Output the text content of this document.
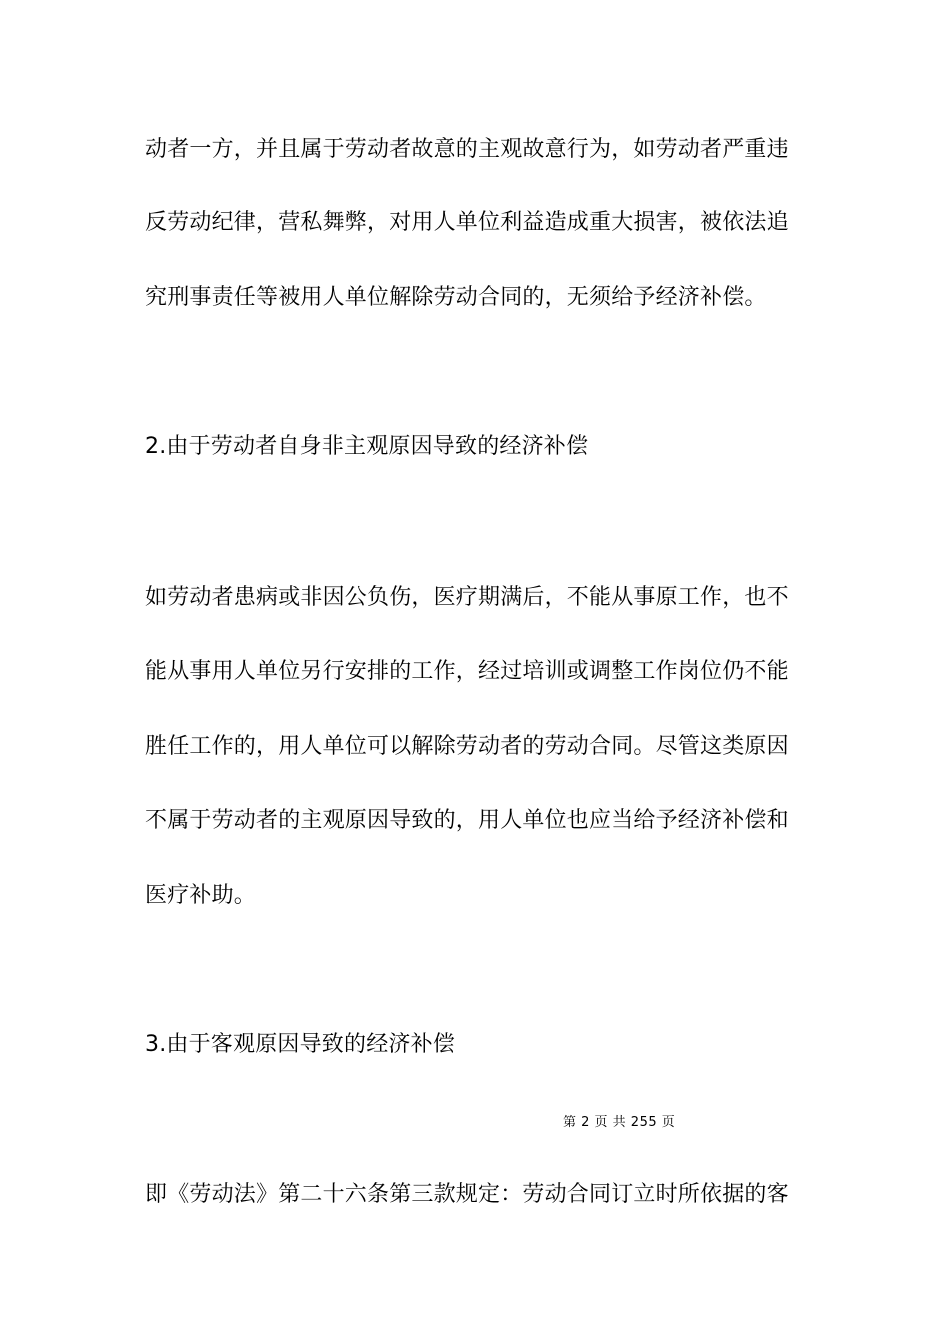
动者一方，并且属于劳动者故意的主观故意行为，如劳动者严重违
反劳动纪律，营私舞弊，对用人单位利益造成重大损害，被依法追
究刑事责任等被用人单位解除劳动合同的，无须给予经济补偿。
2.由于劳动者自身非主观原因导致的经济补偿
如劳动者患病或非因公负伤，医疗期满后，不能从事原工作，也不
能从事用人单位另行安排的工作，经过培训或调整工作岗位仍不能
胜任工作的，用人单位可以解除劳动者的劳动合同。尽管这类原因
不属于劳动者的主观原因导致的，用人单位也应当给予经济补偿和
医疗补助。
3.由于客观原因导致的经济补偿
第 2 页 共 255 页
即《劳动法》第二十六条第三款规定：劳动合同订立时所依据的客
